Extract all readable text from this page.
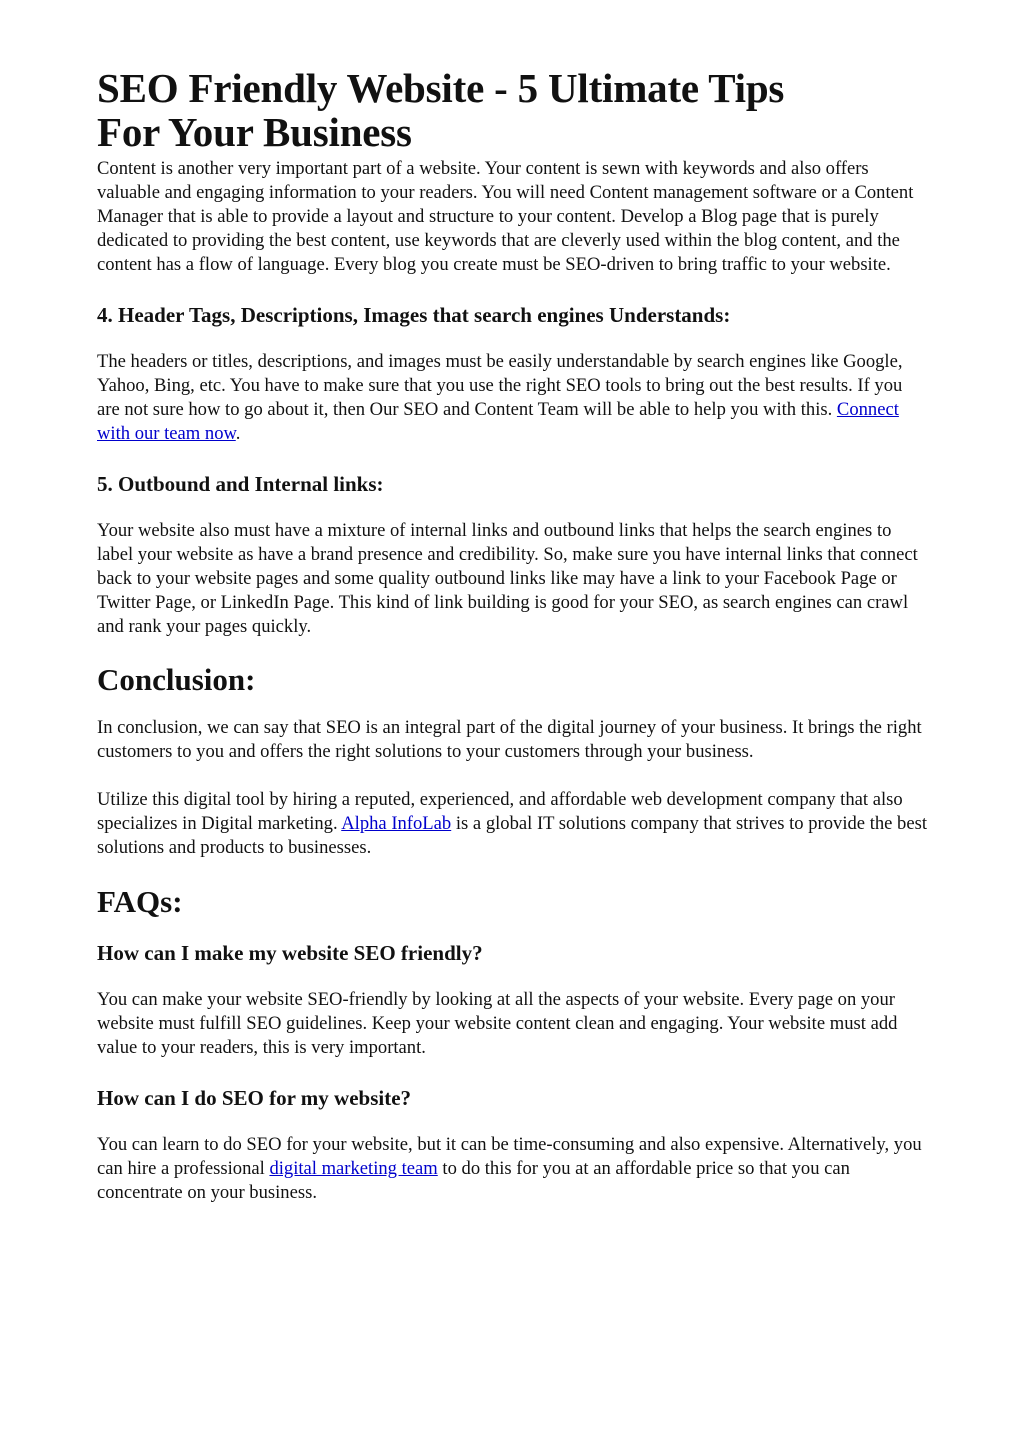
SEO Friendly Website - 5 Ultimate Tips
For Your Business

Content is another very important part of a website. Your content is sewn with keywords and also offers valuable and engaging information to your readers. You will need Content management software or a Content Manager that is able to provide a layout and structure to your content. Develop a Blog page that is purely dedicated to providing the best content, use keywords that are cleverly used within the blog content, and the content has a flow of language. Every blog you create must be SEO-driven to bring traffic to your website.

4. Header Tags, Descriptions, Images that search engines Understands:

The headers or titles, descriptions, and images must be easily understandable by search engines like Google, Yahoo, Bing, etc. You have to make sure that you use the right SEO tools to bring out the best results. If you are not sure how to go about it, then Our SEO and Content Team will be able to help you with this. Connect with our team now.

5. Outbound and Internal links:

Your website also must have a mixture of internal links and outbound links that helps the search engines to label your website as have a brand presence and credibility. So, make sure you have internal links that connect back to your website pages and some quality outbound links like may have a link to your Facebook Page or Twitter Page, or LinkedIn Page. This kind of link building is good for your SEO, as search engines can crawl and rank your pages quickly.

Conclusion:

In conclusion, we can say that SEO is an integral part of the digital journey of your business. It brings the right customers to you and offers the right solutions to your customers through your business.

Utilize this digital tool by hiring a reputed, experienced, and affordable web development company that also specializes in Digital marketing. Alpha InfoLab is a global IT solutions company that strives to provide the best solutions and products to businesses.

FAQs:
How can I make my website SEO friendly?

You can make your website SEO-friendly by looking at all the aspects of your website. Every page on your website must fulfill SEO guidelines. Keep your website content clean and engaging. Your website must add value to your readers, this is very important.

How can I do SEO for my website?

You can learn to do SEO for your website, but it can be time-consuming and also expensive. Alternatively, you can hire a professional digital marketing team to do this for you at an affordable price so that you can concentrate on your business.
